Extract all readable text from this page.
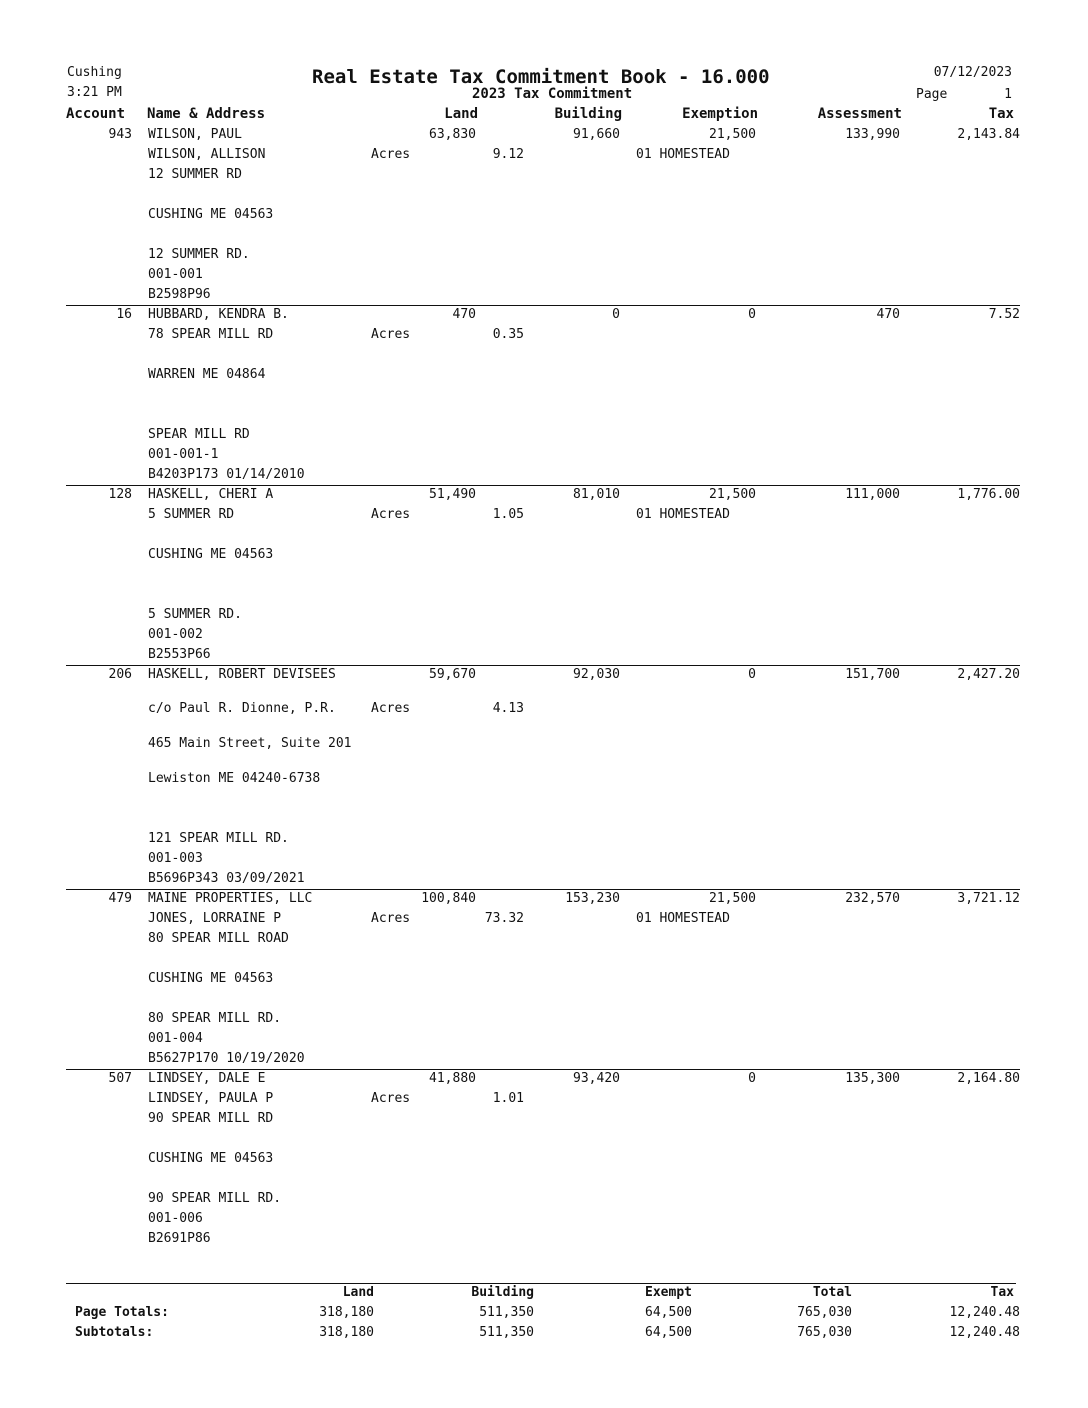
Cushing
3:21 PM
Real Estate Tax Commitment Book - 16.000
2023 Tax Commitment
07/12/2023
Page	1
Account Name & Address	Land	Building	Exemption	Assessment	Tax
943 WILSON, PAUL	63,830	91,660	21,500	133,990	2,143.84
WILSON, ALLISON	Acres	9.12	01 HOMESTEAD
12 SUMMER RD
CUSHING ME 04563
12 SUMMER RD.
001-001
B2598P96
16 HUBBARD, KENDRA B.	470	0	0	470	7.52
78 SPEAR MILL RD	Acres	0.35
WARREN ME 04864
SPEAR MILL RD
001-001-1
B4203P173 01/14/2010
128 HASKELL, CHERI A	51,490	81,010	21,500	111,000	1,776.00
5 SUMMER RD	Acres	1.05	01 HOMESTEAD
CUSHING ME 04563
5 SUMMER RD.
001-002
B2553P66
206 HASKELL, ROBERT DEVISEES	59,670	92,030	0	151,700	2,427.20
c/o Paul R. Dionne, P.R.	Acres	4.13
465 Main Street, Suite 201
Lewiston ME 04240-6738
121 SPEAR MILL RD.
001-003
B5696P343 03/09/2021
479 MAINE PROPERTIES, LLC	100,840	153,230	21,500	232,570	3,721.12
JONES, LORRAINE P	Acres	73.32	01 HOMESTEAD
80 SPEAR MILL ROAD
CUSHING ME 04563
80 SPEAR MILL RD.
001-004
B5627P170 10/19/2020
507 LINDSEY, DALE E	41,880	93,420	0	135,300	2,164.80
LINDSEY, PAULA P	Acres	1.01
90 SPEAR MILL RD
CUSHING ME 04563
90 SPEAR MILL RD.
001-006
B2691P86
Land	Building	Exempt	Total	Tax
Page Totals:	318,180	511,350	64,500	765,030	12,240.48
Subtotals:	318,180	511,350	64,500	765,030	12,240.48
